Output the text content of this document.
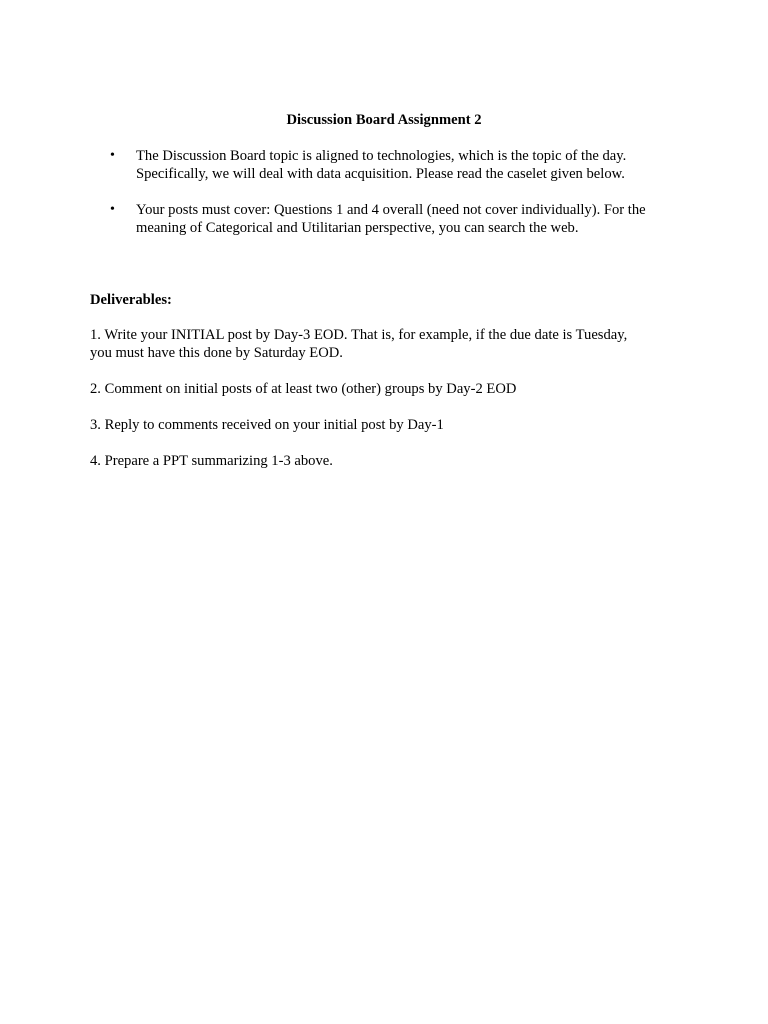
Discussion Board Assignment 2
• The Discussion Board topic is aligned to technologies, which is the topic of the day.
Specifically, we will deal with data acquisition. Please read the caselet given below.
• Your posts must cover: Questions 1 and 4 overall (need not cover individually). For the
meaning of Categorical and Utilitarian perspective, you can search the web.
Deliverables:
1. Write your INITIAL post by Day-3 EOD. That is, for example, if the due date is Tuesday,
you must have this done by Saturday EOD.
2. Comment on initial posts of at least two (other) groups by Day-2 EOD
3. Reply to comments received on your initial post by Day-1
4. Prepare a PPT summarizing 1-3 above.
